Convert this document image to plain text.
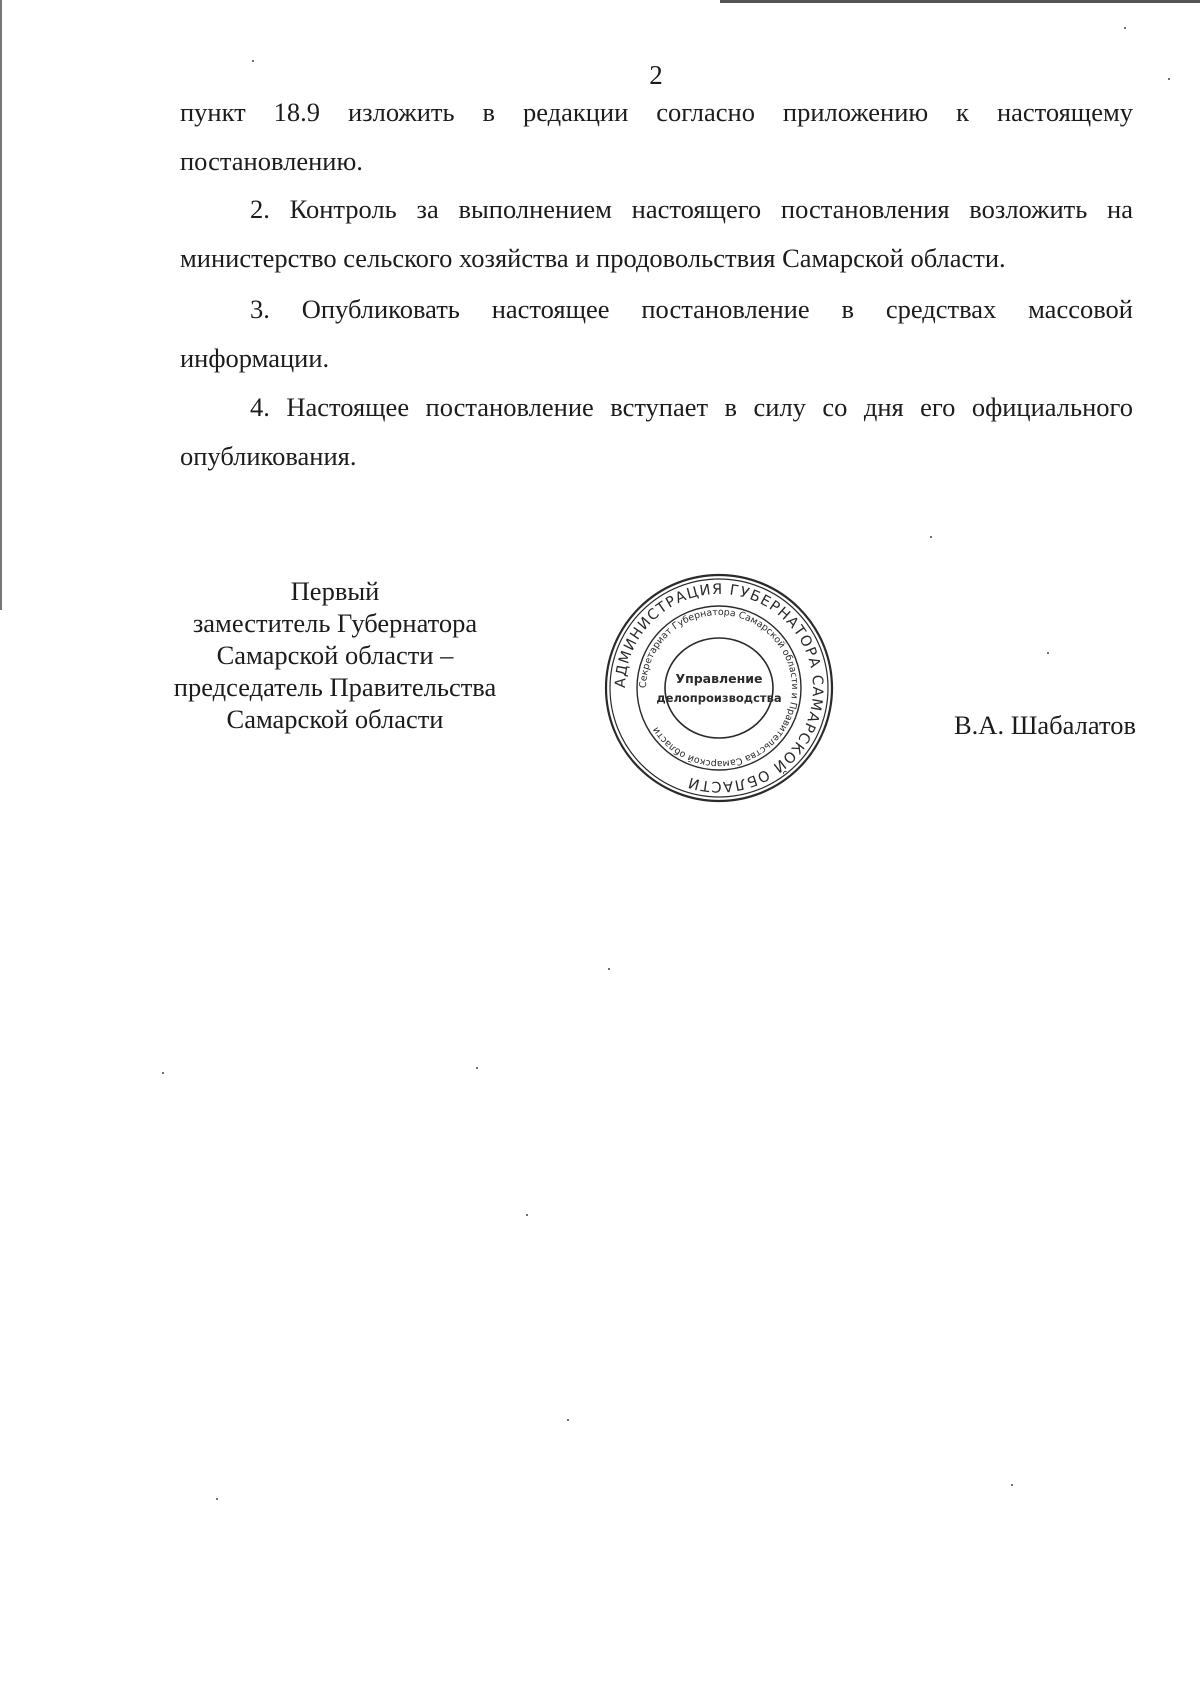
2

пункт 18.9 изложить в редакции согласно приложению к настоящему постановлению.

2. Контроль за выполнением настоящего постановления возложить на министерство сельского хозяйства и продовольствия Самарской области.

3. Опубликовать настоящее постановление в средствах массовой информации.

4. Настоящее постановление вступает в силу со дня его официального опубликования.

Первый
заместитель Губернатора
Самарской области –
председатель Правительства
Самарской области	В.А. Шабалатов
АДМИНИСТРАЦИЯ ГУБЕРНАТОРА САМАРСКОЙ ОБЛАСТИ
Секретариат Губернатора Самарской области и Правительства Самарской области
Управление
делопроизводства
